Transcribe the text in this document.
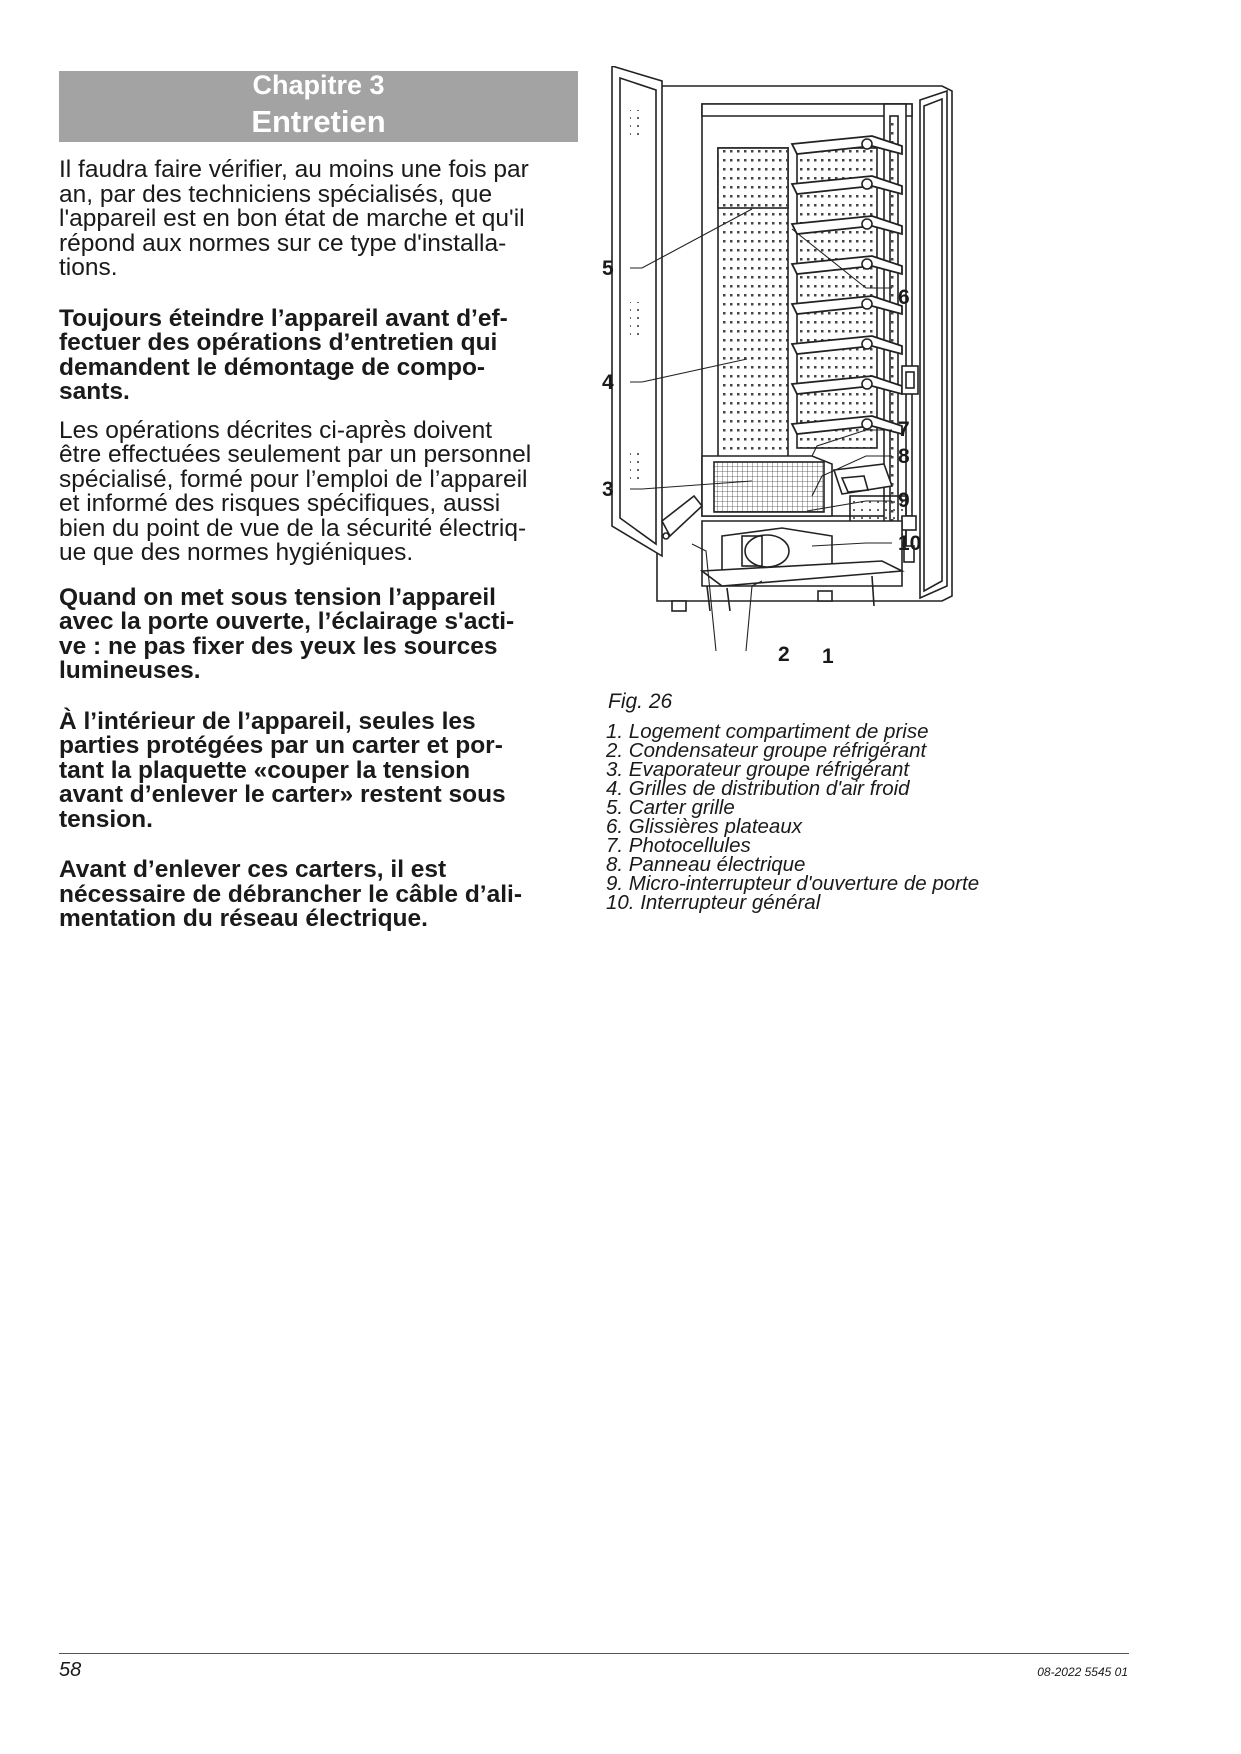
Chapitre 3
Entretien

Il faudra faire vérifier, au moins une fois par
an, par des techniciens spécialisés, que
l'appareil est en bon état de marche et qu'il
répond aux normes sur ce type d'installa-
tions.

Toujours éteindre l’appareil avant d’ef-
fectuer des opérations d’entretien qui
demandent le démontage de compo-
sants.

Les opérations décrites ci-après doivent
être effectuées seulement par un personnel
spécialisé, formé pour l’emploi de l’appareil
et informé des risques spécifiques, aussi
bien du point de vue de la sécurité électriq-
ue que des normes hygiéniques.

Quand on met sous tension l’appareil
avec la porte ouverte, l’éclairage s'acti-
ve : ne pas fixer des yeux les sources
lumineuses.

À l’intérieur de l’appareil, seules les
parties protégées par un carter et por-
tant la plaquette «couper la tension
avant d’enlever le carter» restent sous
tension.

Avant d’enlever ces carters, il est
nécessaire de débrancher le câble d’ali-
mentation du réseau électrique.

5
4
3
6
7
8
9
10
2 1
Fig. 26
1. Logement compartiment de prise
2. Condensateur groupe réfrigérant
3. Evaporateur groupe réfrigérant
4. Grilles de distribution d'air froid
5. Carter grille
6. Glissières plateaux
7. Photocellules
8. Panneau électrique
9. Micro-interrupteur d'ouverture de porte
10. Interrupteur général
58	08-2022 5545 01
